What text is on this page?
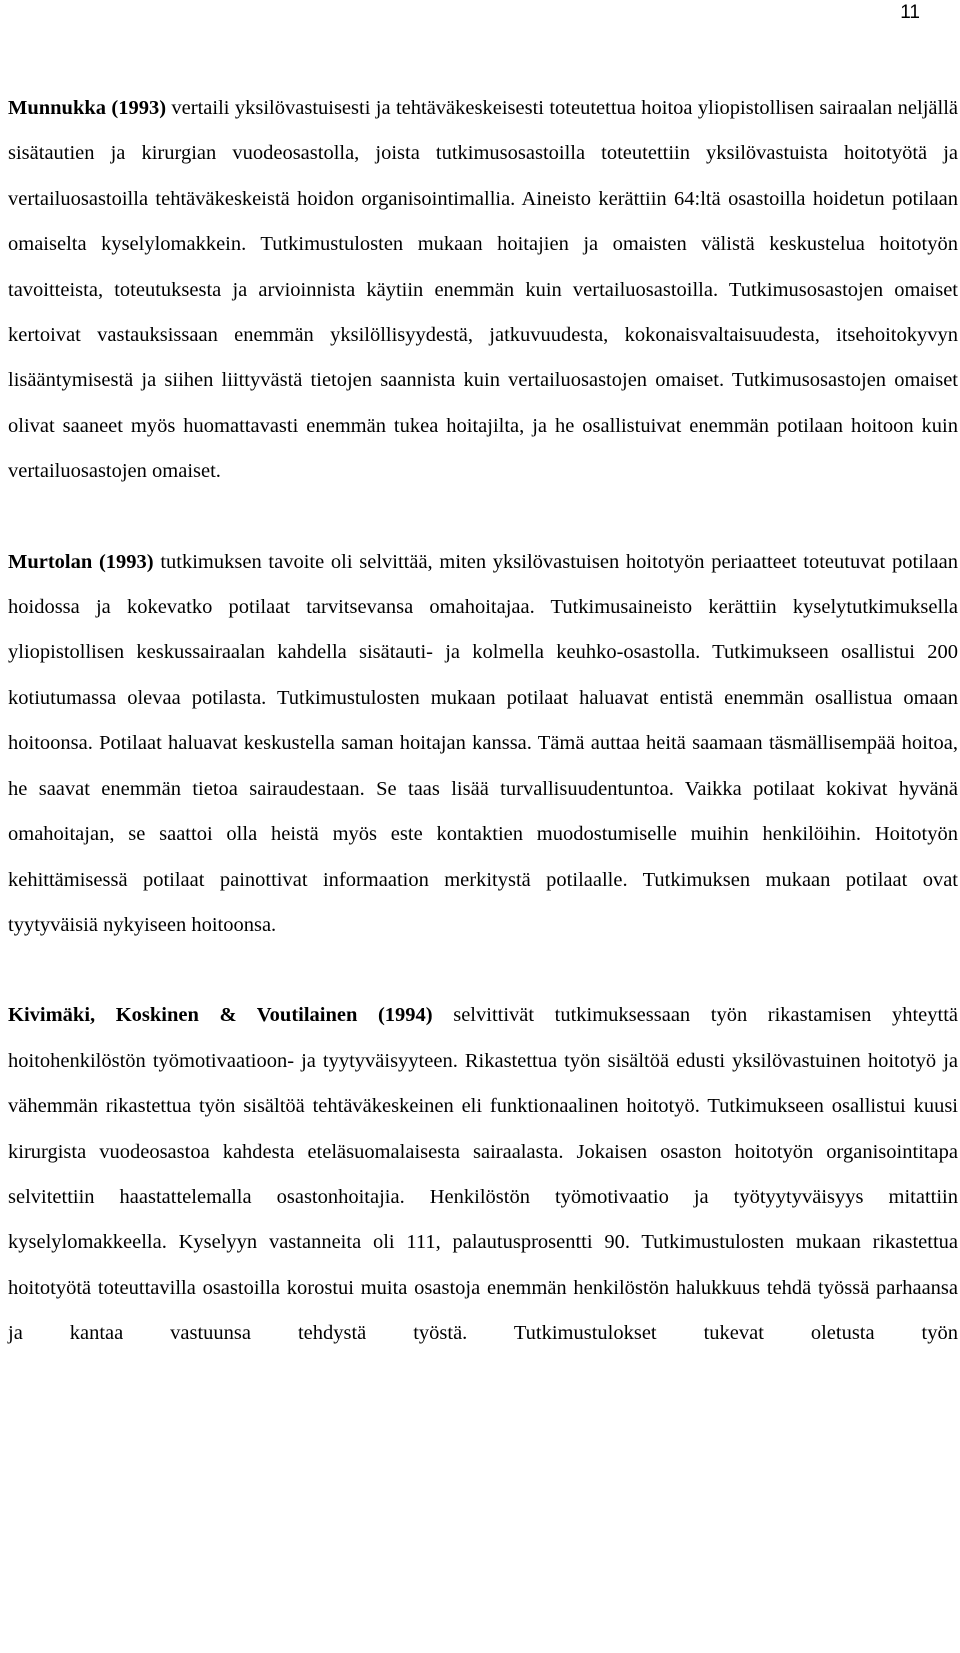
11

Munnukka (1993) vertaili yksilövastuisesti ja tehtäväkeskeisesti toteutettua hoitoa yliopistollisen sairaalan neljällä sisätautien ja kirurgian vuodeosastolla, joista tutkimusosastoilla toteutettiin yksilövastuista hoitotyötä ja vertailuosastoilla tehtäväkeskeistä hoidon organisointimallia. Aineisto kerättiin 64:ltä osastoilla hoidetun potilaan omaiselta kyselylomakkein. Tutkimustulosten mukaan hoitajien ja omaisten välistä keskustelua hoitotyön tavoitteista, toteutuksesta ja arvioinnista käytiin enemmän kuin vertailuosastoilla. Tutkimusosastojen omaiset kertoivat vastauksissaan enemmän yksilöllisyydestä, jatkuvuudesta, kokonaisvaltaisuudesta, itsehoitokyvyn lisääntymisestä ja siihen liittyvästä tietojen saannista kuin vertailuosastojen omaiset. Tutkimusosastojen omaiset olivat saaneet myös huomattavasti enemmän tukea hoitajilta, ja he osallistuivat enemmän potilaan hoitoon kuin vertailuosastojen omaiset.

Murtolan (1993) tutkimuksen tavoite oli selvittää, miten yksilövastuisen hoitotyön periaatteet toteutuvat potilaan hoidossa ja kokevatko potilaat tarvitsevansa omahoitajaa. Tutkimusaineisto kerättiin kyselytutkimuksella yliopistollisen keskussairaalan kahdella sisätauti- ja kolmella keuhko-osastolla. Tutkimukseen osallistui 200 kotiutumassa olevaa potilasta. Tutkimustulosten mukaan potilaat haluavat entistä enemmän osallistua omaan hoitoonsa. Potilaat haluavat keskustella saman hoitajan kanssa. Tämä auttaa heitä saamaan täsmällisempää hoitoa, he saavat enemmän tietoa sairaudestaan. Se taas lisää turvallisuudentuntoa. Vaikka potilaat kokivat hyvänä omahoitajan, se saattoi olla heistä myös este kontaktien muodostumiselle muihin henkilöihin. Hoitotyön kehittämisessä potilaat painottivat informaation merkitystä potilaalle. Tutkimuksen mukaan potilaat ovat tyytyväisiä nykyiseen hoitoonsa.

Kivimäki, Koskinen & Voutilainen (1994) selvittivät tutkimuksessaan työn rikastamisen yhteyttä hoitohenkilöstön työmotivaatioon- ja tyytyväisyyteen. Rikastettua työn sisältöä edusti yksilövastuinen hoitotyö ja vähemmän rikastettua työn sisältöä tehtäväkeskeinen eli funktionaalinen hoitotyö. Tutkimukseen osallistui kuusi kirurgista vuodeosastoa kahdesta eteläsuomalaisesta sairaalasta. Jokaisen osaston hoitotyön organisointitapa selvitettiin haastattelemalla osastonhoitajia. Henkilöstön työmotivaatio ja työtyytyväisyys mitattiin kyselylomakkeella. Kyselyyn vastanneita oli 111, palautusprosentti 90. Tutkimustulosten mukaan rikastettua hoitotyötä toteuttavilla osastoilla korostui muita osastoja enemmän henkilöstön halukkuus tehdä työssä parhaansa ja kantaa vastuunsa tehdystä työstä. Tutkimustulokset tukevat oletusta työn
